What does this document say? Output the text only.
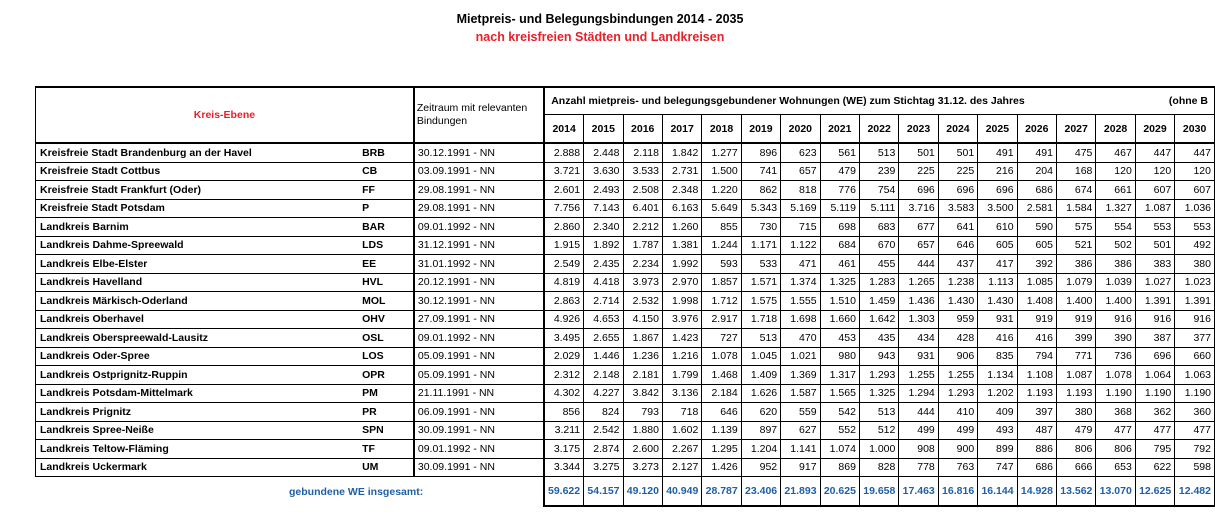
Mietpreis- und Belegungsbindungen 2014 - 2035
nach kreisfreien Städten und Landkreisen
Kreis-Ebene		Zeitraum mit relevanten Bindungen	Anzahl mietpreis- und belegungsgebundener Wohnungen (WE) zum Stichtag 31.12. des Jahres (ohne B																

			2014	2015	2016	2017	2018	2019	2020	2021	2022	2023	2024	2025	2026	2027	2028	2029	2030
Kreisfreie Stadt Brandenburg an der Havel	BRB	30.12.1991 - NN	2.888	2.448	2.118	1.842	1.277	896	623	561	513	501	501	491	491	475	467	447	447
Kreisfreie Stadt Cottbus	CB	03.09.1991 - NN	3.721	3.630	3.533	2.731	1.500	741	657	479	239	225	225	216	204	168	120	120	120
Kreisfreie Stadt Frankfurt (Oder)	FF	29.08.1991 - NN	2.601	2.493	2.508	2.348	1.220	862	818	776	754	696	696	696	686	674	661	607	607
Kreisfreie Stadt Potsdam	P	29.08.1991 - NN	7.756	7.143	6.401	6.163	5.649	5.343	5.169	5.119	5.111	3.716	3.583	3.500	2.581	1.584	1.327	1.087	1.036
Landkreis Barnim	BAR	09.01.1992 - NN	2.860	2.340	2.212	1.260	855	730	715	698	683	677	641	610	590	575	554	553	553
Landkreis Dahme-Spreewald	LDS	31.12.1991 - NN	1.915	1.892	1.787	1.381	1.244	1.171	1.122	684	670	657	646	605	605	521	502	501	492
Landkreis Elbe-Elster	EE	31.01.1992 - NN	2.549	2.435	2.234	1.992	593	533	471	461	455	444	437	417	392	386	386	383	380
Landkreis Havelland	HVL	20.12.1991 - NN	4.819	4.418	3.973	2.970	1.857	1.571	1.374	1.325	1.283	1.265	1.238	1.113	1.085	1.079	1.039	1.027	1.023
Landkreis Märkisch-Oderland	MOL	30.12.1991 - NN	2.863	2.714	2.532	1.998	1.712	1.575	1.555	1.510	1.459	1.436	1.430	1.430	1.408	1.400	1.400	1.391	1.391
Landkreis Oberhavel	OHV	27.09.1991 - NN	4.926	4.653	4.150	3.976	2.917	1.718	1.698	1.660	1.642	1.303	959	931	919	919	916	916	916
Landkreis Oberspreewald-Lausitz	OSL	09.01.1992 - NN	3.495	2.655	1.867	1.423	727	513	470	453	435	434	428	416	416	399	390	387	377
Landkreis Oder-Spree	LOS	05.09.1991 - NN	2.029	1.446	1.236	1.216	1.078	1.045	1.021	980	943	931	906	835	794	771	736	696	660
Landkreis Ostprignitz-Ruppin	OPR	05.09.1991 - NN	2.312	2.148	2.181	1.799	1.468	1.409	1.369	1.317	1.293	1.255	1.255	1.134	1.108	1.087	1.078	1.064	1.063
Landkreis Potsdam-Mittelmark	PM	21.11.1991 - NN	4.302	4.227	3.842	3.136	2.184	1.626	1.587	1.565	1.325	1.294	1.293	1.202	1.193	1.193	1.190	1.190	1.190
Landkreis Prignitz	PR	06.09.1991 - NN	856	824	793	718	646	620	559	542	513	444	410	409	397	380	368	362	360
Landkreis Spree-Neiße	SPN	30.09.1991 - NN	3.211	2.542	1.880	1.602	1.139	897	627	552	512	499	499	493	487	479	477	477	477
Landkreis Teltow-Fläming	TF	09.01.1992 - NN	3.175	2.874	2.600	2.267	1.295	1.204	1.141	1.074	1.000	908	900	899	886	806	806	795	792
Landkreis Uckermark	UM	30.09.1991 - NN	3.344	3.275	3.273	2.127	1.426	952	917	869	828	778	763	747	686	666	653	622	598
gebundene WE insgesamt:			59.622	54.157	49.120	40.949	28.787	23.406	21.893	20.625	19.658	17.463	16.816	16.144	14.928	13.562	13.070	12.625	12.482
